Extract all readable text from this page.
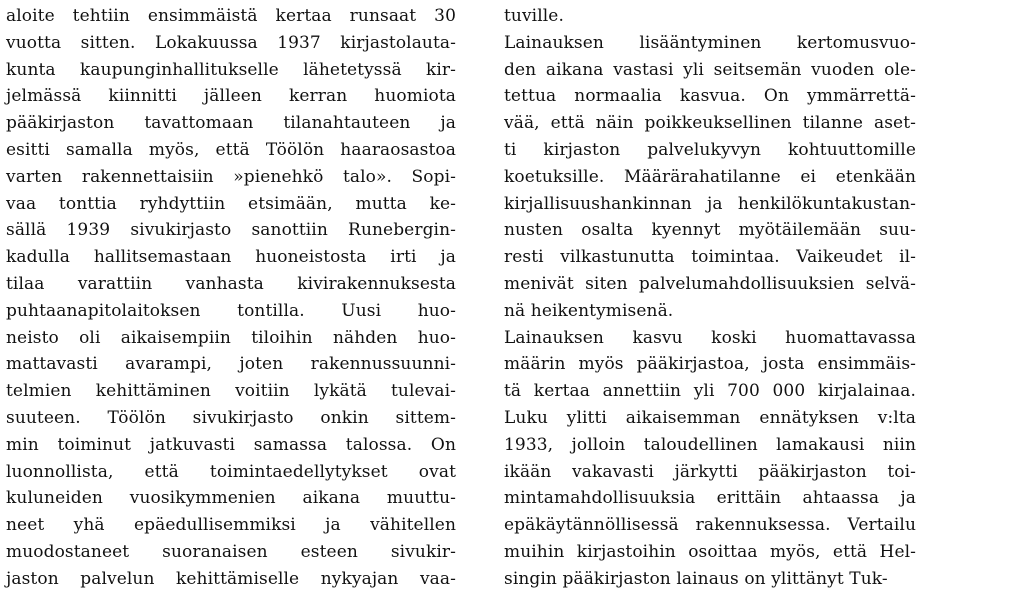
aloite tehtiin ensimmäistä kertaa runsaat 30
vuotta sitten. Lokakuussa 1937 kirjastolauta-
kunta kaupunginhallitukselle lähetetyssä kir-
jelmässä kiinnitti jälleen kerran huomiota
pääkirjaston tavattomaan tilanahtauteen ja
esitti samalla myös, että Töölön haaraosastoa
varten rakennettaisiin »pienehkö talo». Sopi-
vaa tonttia ryhdyttiin etsimään, mutta ke-
sällä 1939 sivukirjasto sanottiin Runebergin-
kadulla hallitsemastaan huoneistosta irti ja
tilaa varattiin vanhasta kivirakennuksesta
puhtaanapitolaitoksen tontilla. Uusi huo-
neisto oli aikaisempiin tiloihin nähden huo-
mattavasti avarampi, joten rakennussuunni-
telmien kehittäminen voitiin lykätä tulevai-
suuteen. Töölön sivukirjasto onkin sittem-
min toiminut jatkuvasti samassa talossa. On
luonnollista, että toimintaedellytykset ovat
kuluneiden vuosikymmenien aikana muuttu-
neet yhä epäedullisemmiksi ja vähitellen
muodostaneet suoranaisen esteen sivukir-
jaston palvelun kehittämiselle nykyajan vaa-
tuville.
Lainauksen lisääntyminen kertomusvuo-
den aikana vastasi yli seitsemän vuoden ole-
tettua normaalia kasvua. On ymmärrettä-
vää, että näin poikkeuksellinen tilanne aset-
ti kirjaston palvelukyvyn kohtuuttomille
koetuksille. Määrärahatilanne ei etenkään
kirjallisuushankinnan ja henkilökuntakustan-
nusten osalta kyennyt myötäilemään suu-
resti vilkastunutta toimintaa. Vaikeudet il-
menivät siten palvelumahdollisuuksien selvä-
nä heikentymisenä.
Lainauksen kasvu koski huomattavassa
määrin myös pääkirjastoa, josta ensimmäis-
tä kertaa annettiin yli 700 000 kirjalainaa.
Luku ylitti aikaisemman ennätyksen v:lta
1933, jolloin taloudellinen lamakausi niin
ikään vakavasti järkytti pääkirjaston toi-
mintamahdollisuuksia erittäin ahtaassa ja
epäkäytännöllisessä rakennuksessa. Vertailu
muihin kirjastoihin osoittaa myös, että Hel-
singin pääkirjaston lainaus on ylittänyt Tuk-
